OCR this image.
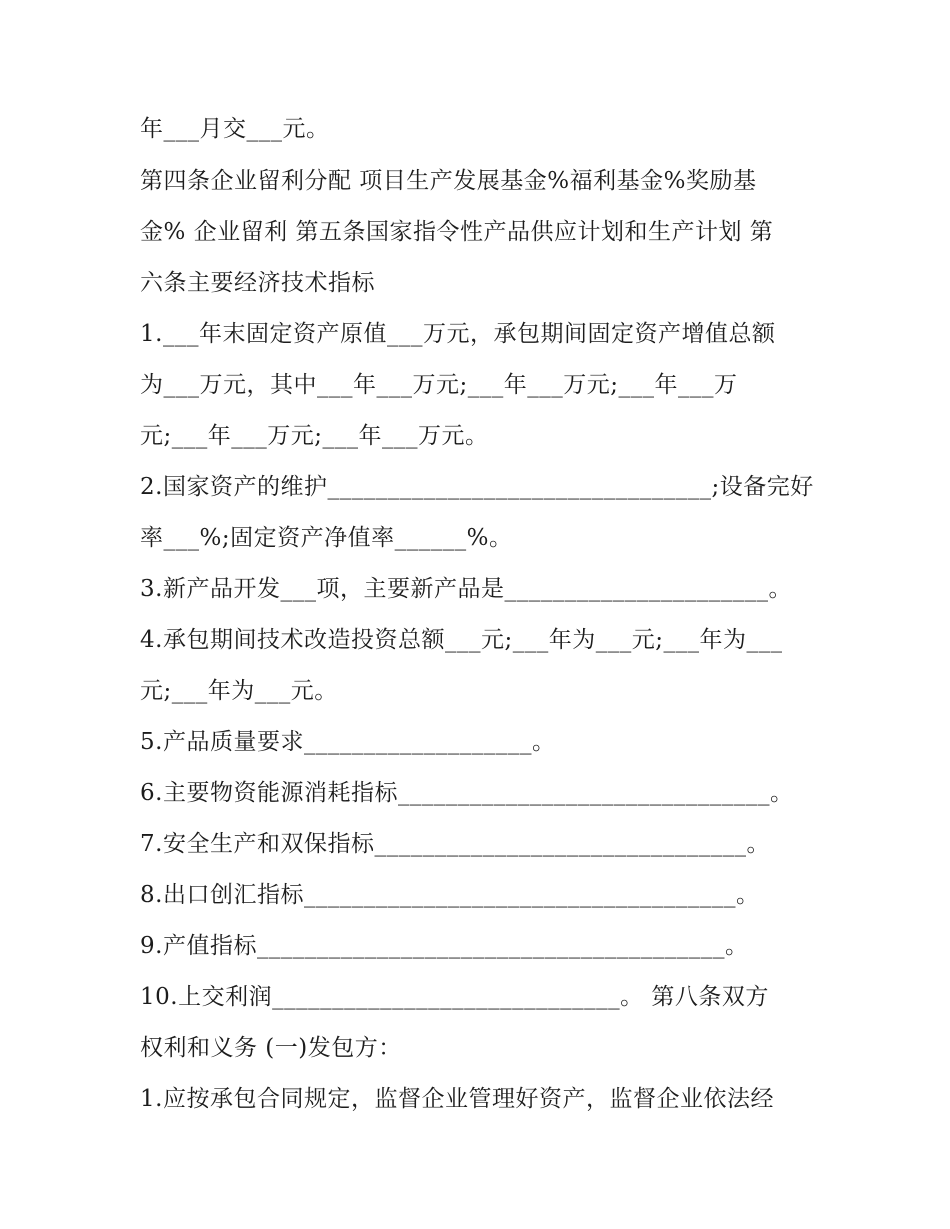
年___月交___元。
第四条企业留利分配 项目生产发展基金%福利基金%奖励基
金% 企业留利 第五条国家指令性产品供应计划和生产计划 第
六条主要经济技术指标
1.___年末固定资产原值___万元，承包期间固定资产增值总额
为___万元，其中___年___万元;___年___万元;___年___万
元;___年___万元;___年___万元。
2.国家资产的维护________________________________;设备完好
率___%;固定资产净值率______%。
3.新产品开发___项，主要新产品是______________________。
4.承包期间技术改造投资总额___元;___年为___元;___年为___
元;___年为___元。
5.产品质量要求___________________。
6.主要物资能源消耗指标_______________________________。
7.安全生产和双保指标_______________________________。
8.出口创汇指标____________________________________。
9.产值指标_______________________________________。
10.上交利润_____________________________。 第八条双方
权利和义务 (一)发包方：
1.应按承包合同规定，监督企业管理好资产，监督企业依法经
